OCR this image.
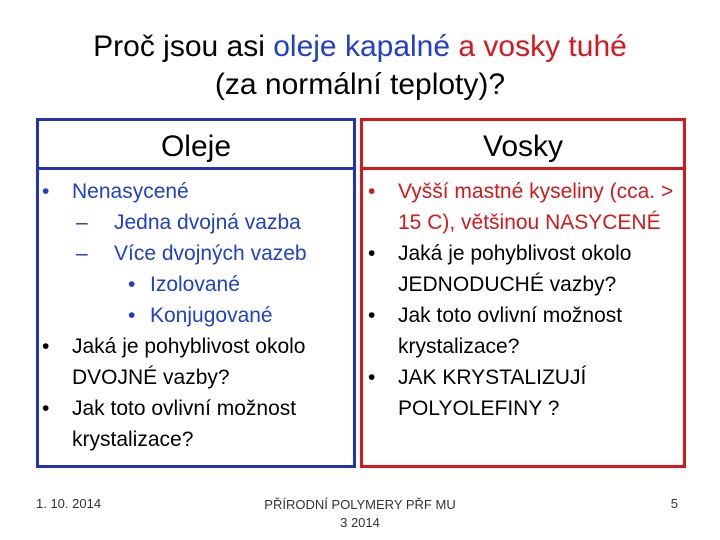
Proč jsou asi oleje kapalné a vosky tuhé
(za normální teploty)?
Oleje	Vosky
•	Nenasycené
– Jedna dvojná vazba
– Více dvojných vazeb
• Izolované
• Konjugované
•	Jaká je pohyblivost okolo DVOJNÉ vazby?
•	Jak toto ovlivní možnost krystalizace?
•	Vyšší mastné kyseliny (cca. > 15 C), většinou NASYCENÉ
•	Jaká je pohyblivost okolo JEDNODUCHÉ vazby?
•	Jak toto ovlivní možnost krystalizace?
•	JAK KRYSTALIZUJÍ POLYOLEFINY ?
1. 10. 2014	PŘÍRODNÍ POLYMERY PŘF MU
3 2014
5
